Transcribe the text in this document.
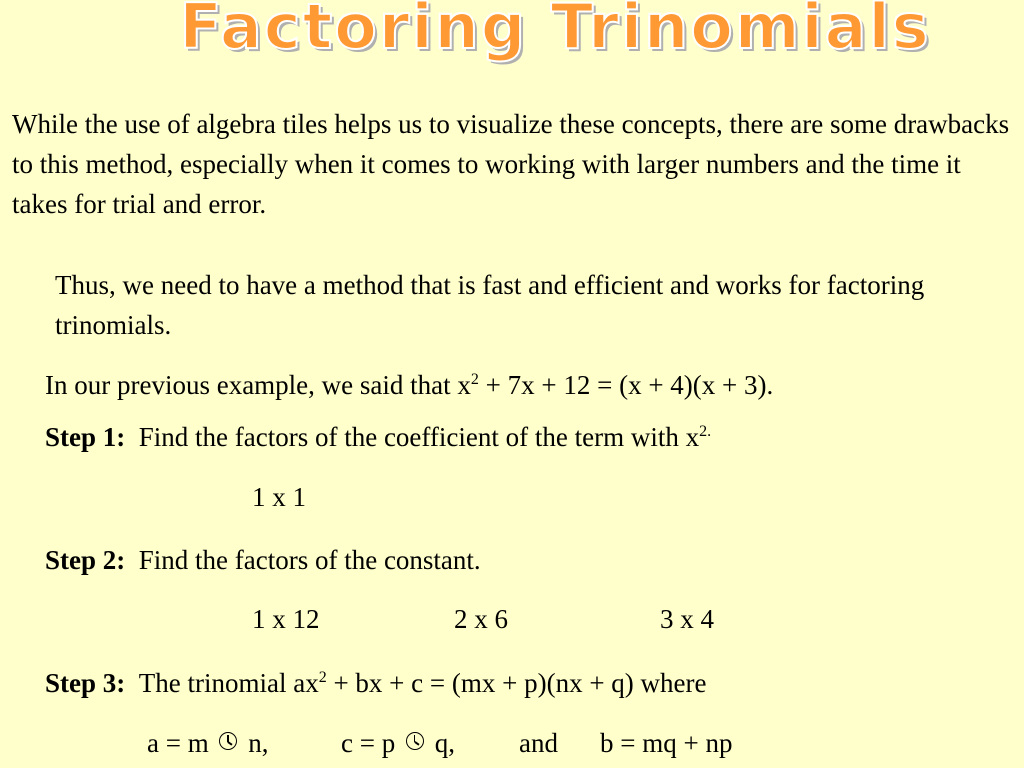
Factoring Trinomials

While the use of algebra tiles helps us to visualize these concepts, there are some drawbacks to this method, especially when it comes to working with larger numbers and the time it takes for trial and error.

Thus, we need to have a method that is fast and efficient and works for factoring trinomials.

In our previous example, we said that $x^2 + 7x + 12 = (x + 4)(x + 3)$.
Step 1: Find the factors of the coefficient of the term with $x^{2.}$
1 x 1
Step 2: Find the factors of the constant.
1 x 12	2 x 6	3 x 4
Step 3: The trinomial $ax^2$ + bx + c = (mx + p)(nx + q) where
a = m n,	c = p q, and b = mq + np
